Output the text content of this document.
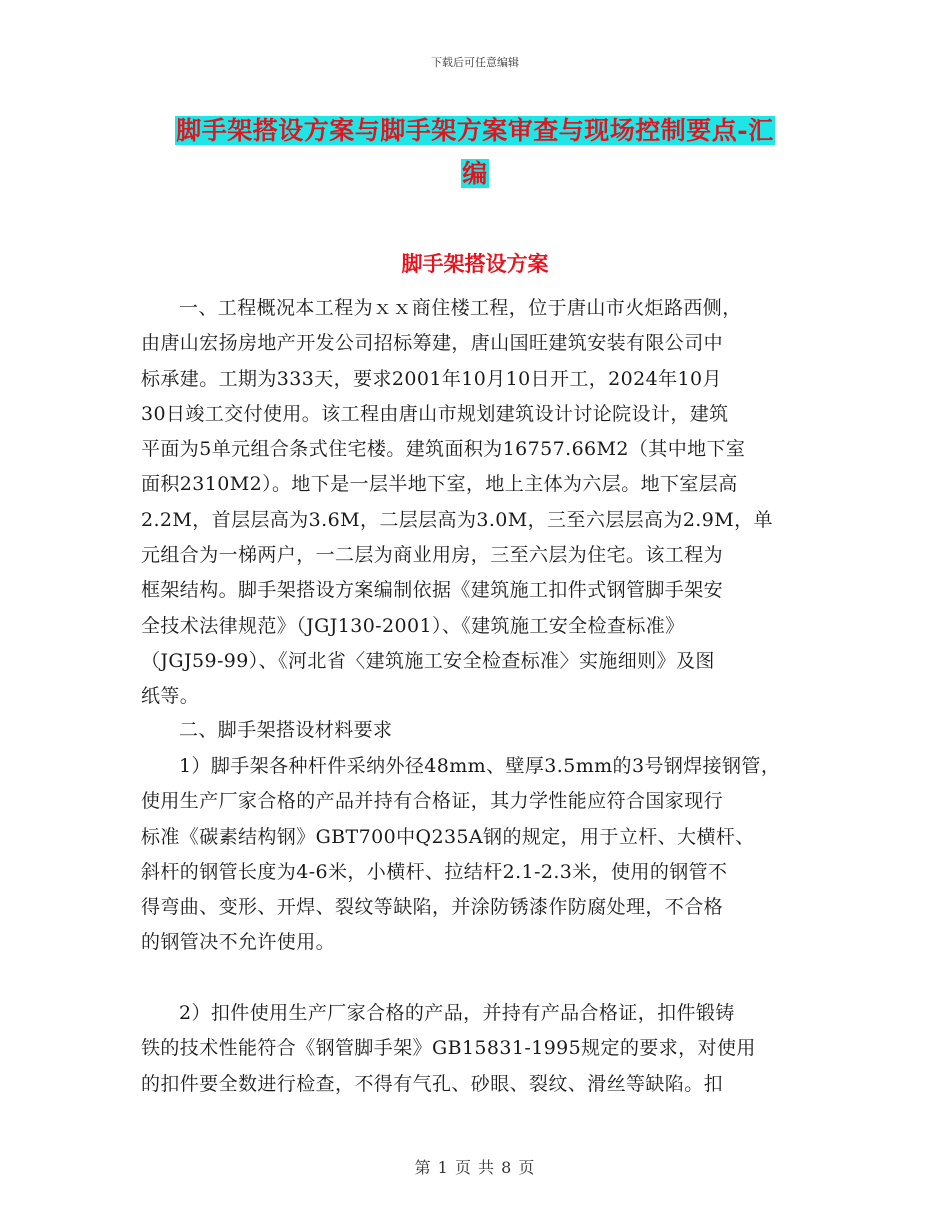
下载后可任意编辑
脚手架搭设方案与脚手架方案审查与现场控制要点-汇
编
脚手架搭设方案

一、工程概况本工程为ｘｘ商住楼工程，位于唐山市火炬路西侧，
由唐山宏扬房地产开发公司招标筹建，唐山国旺建筑安装有限公司中
标承建。工期为333天，要求2001年10月10日开工，2024年10月
30日竣工交付使用。该工程由唐山市规划建筑设计讨论院设计，建筑
平面为5单元组合条式住宅楼。建筑面积为16757.66M2（其中地下室
面积2310M2）。地下是一层半地下室，地上主体为六层。地下室层高
2.2M，首层层高为3.6M，二层层高为3.0M，三至六层层高为2.9M，单
元组合为一梯两户，一二层为商业用房，三至六层为住宅。该工程为
框架结构。脚手架搭设方案编制依据《建筑施工扣件式钢管脚手架安
全技术法律规范》（JGJ130-2001）、《建筑施工安全检查标准》
（JGJ59-99）、《河北省〈建筑施工安全检查标准〉实施细则》及图
纸等。

二、脚手架搭设材料要求

1）脚手架各种杆件采纳外径48mm、壁厚3.5mm的3号钢焊接钢管，
使用生产厂家合格的产品并持有合格证，其力学性能应符合国家现行
标准《碳素结构钢》GBT700中Q235A钢的规定，用于立杆、大横杆、
斜杆的钢管长度为4-6米，小横杆、拉结杆2.1-2.3米，使用的钢管不
得弯曲、变形、开焊、裂纹等缺陷，并涂防锈漆作防腐处理，不合格
的钢管决不允许使用。

2）扣件使用生产厂家合格的产品，并持有产品合格证，扣件锻铸
铁的技术性能符合《钢管脚手架》GB15831-1995规定的要求，对使用
的扣件要全数进行检查，不得有气孔、砂眼、裂纹、滑丝等缺陷。扣

第 1 页 共 8 页
